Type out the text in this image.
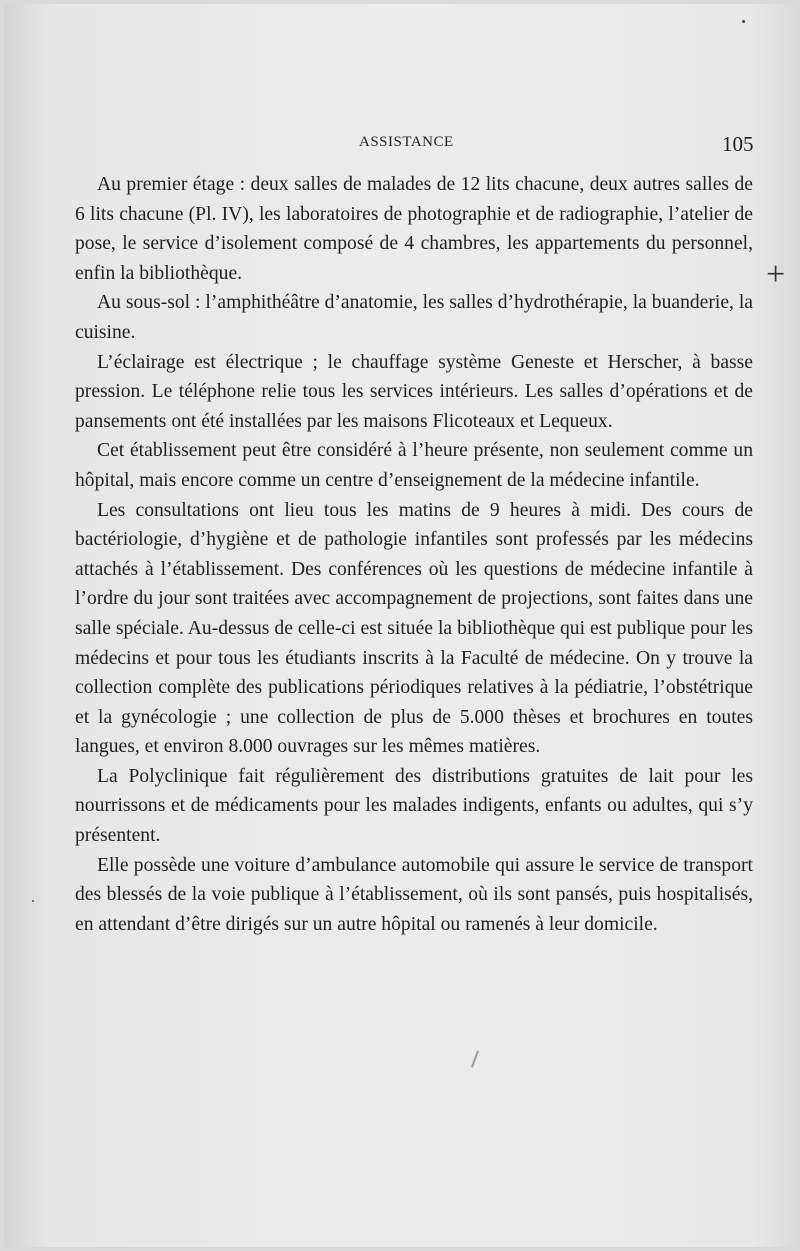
ASSISTANCE	105
+

Au premier étage : deux salles de malades de 12 lits chacune, deux autres salles de 6 lits chacune (Pl. IV), les laboratoires de photographie et de radiographie, l’atelier de pose, le service d’isolement composé de 4 chambres, les appartements du personnel, enfin la bibliothèque.

Au sous-sol : l’amphithéâtre d’anatomie, les salles d’hydrothérapie, la buanderie, la cuisine.

L’éclairage est électrique ; le chauffage système Geneste et Herscher, à basse pression. Le téléphone relie tous les services intérieurs. Les salles d’opérations et de pansements ont été installées par les maisons Flicoteaux et Lequeux.

Cet établissement peut être considéré à l’heure présente, non seulement comme un hôpital, mais encore comme un centre d’enseignement de la médecine infantile.

Les consultations ont lieu tous les matins de 9 heures à midi. Des cours de bactériologie, d’hygiène et de pathologie infantiles sont professés par les médecins attachés à l’établissement. Des conférences où les questions de médecine infantile à l’ordre du jour sont traitées avec accompagnement de projections, sont faites dans une salle spéciale. Au-dessus de celle-ci est située la bibliothèque qui est publique pour les médecins et pour tous les étudiants inscrits à la Faculté de médecine. On y trouve la collection complète des publications périodiques relatives à la pédiatrie, l’obstétrique et la gynécologie ; une collection de plus de 5.000 thèses et brochures en toutes langues, et environ 8.000 ouvrages sur les mêmes matières.

La Polyclinique fait régulièrement des distributions gratuites de lait pour les nourrissons et de médicaments pour les malades indigents, enfants ou adultes, qui s’y présentent.

Elle possède une voiture d’ambulance automobile qui assure le service de transport des blessés de la voie publique à l’établissement, où ils sont pansés, puis hospitalisés, en attendant d’être dirigés sur un autre hôpital ou ramenés à leur domicile.
